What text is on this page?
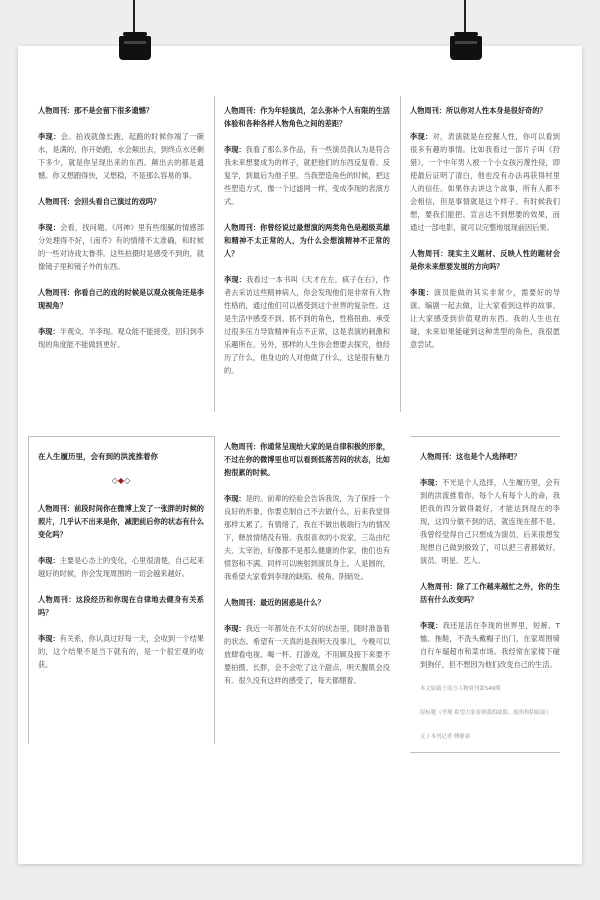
人物周刊：那不是会留下很多遗憾？

李现：会。拍戏就像长跑，起跑的时候你端了一碗水，是满的，你开始跑，水会颠出去，到终点水还剩下多少，就是你呈现出来的东西。颠出去的都是遗憾。你又想跑得快，又想稳，不是那么容易的事。

人物周刊：会回头看自己演过的戏吗？

李现：会看，找问题。《河神》里有些细腻的情感部分处理得不好，《南乔》有的情绪不太准确，和时候的一些对诗戏太鲁莽。这些拍摄时是感受不到的，就像镜子里和镜子外的东西。

人物周刊：你看自己的戏的时候是以观众视角还是李现视角？

李现：半观众、半李现。观众能不能接受，回归到李现的角度能不能做到更好。

人物周刊：作为年轻演员，怎么弥补个人有限的生活体验和各种各样人物角色之间的差距？

李现：我看了那么多作品，有一些演员我认为是符合我未来想要成为的样子，就把他们的东西反复看、反复学，到最后为他子里。当我塑造角色的时候，把这些塑造方式，像一个过滤网一样，变成李现的表演方式。

人物周刊：你曾经说过最想演的两类角色是超级英雄和精神不太正常的人，为什么会想演精神不正常的人？

李现：我看过一本书叫《天才在左，疯子在右》，作者去采访这些精神病人，你会发现他们是非常有人物性格的，通过他们可以感受到这个世界的复杂性。这是生活中感受不到、抓不到的角色，性格扭曲、承受过很多压力导致精神有点不正常，这是表演的刺激和乐趣所在。另外，那样的人生你会想要去探究，他经历了什么，他身边的人对他做了什么，这是很有魅力的。

人物周刊：所以你对人性本身是很好奇的？

李现：对，表演就是在挖掘人性，你可以看到很多有趣的事情。比如我看过一部片子叫《狩猎》，一个中年男人被一个小女孩污蔑性侵，即使最后证明了清白，他也没有办法再获得村里人的信任。如果你去讲这个故事，所有人都不会相信，但是事情就是这个样子。有时候我们想，要我们能把、宣言达不到想要的效果，而通过一部电影，就可以完整地展现前因后果。

人物周刊：现实主义题材、反映人性的题材会是你未来想要发展的方向吗？

李现：演员能做的其实非常少，需要好的导演、编剧一起去做，让大家看到这样的故事，让大家感受到价值观的东西。我的人生也在碰，未来如果能碰到这种类型的角色，我很愿意尝试。

在人生履历里，会有到的洪流推着你

◇◆◇

人物周刊：前段时间你在微博上发了一张胖的时候的照片，几乎认不出来是你，减肥前后你的状态有什么变化吗？

李现：主要是心态上的变化，心里很清楚，自己起来越好的时候，你会发现周围的一切会越来越好。

人物周刊：这段经历和你现在自律地去健身有关系吗？

李现：有关系，你认真过好每一天，会收到一个结果的，这个结果不是当下就有的，是一个很宏观的收获。

人物周刊：你通常呈现给大家的是自律积极的形象，不过在你的微博里也可以看到低落苦闷的状态，比如抱很累的时候。

李现：是的。前辈的经验会告诉我说，为了保持一个良好的形象，你要克制自己不去做什么，后来我觉得那样太累了。有情绪了，我在不做出极端行为的情况下，释放情绪没有错。我很喜欢的小说家，三岛由纪夫、太宰治，好像都不是那么健康的作家，他们也有愤怒和不满。同样可以映射到演员身上。人是圆的，我希望大家看到李现的缺陷、棱角、阴暗处。

人物周刊：最近的困惑是什么？

李现：我近一年都处在不太好的状态里，随时准备着的状态。希望有一天真的是我明天没事儿，今晚可以放肆看电视、喝一杯、打游戏，不用顾及接下来要不要拍摄、长胖，会不会吃了这个甜点，明天腹肌会没有。很久没有这样的感受了，每天都绷着。

人物周刊：这也是个人选择吧？

李现：不光是个人选择，人生履历里，会有到的洪流推着你。每个人有每个人的命，我把我的四分做得最好，才能达到现在的李现，这四分做不到的话，就连现在都不是。我曾经觉得自己只想成为演员，后来很想发现想自己做到极致了，可以把三者都做好，演员、明星、艺人。

人物周刊：除了工作越来越忙之外，你的生活有什么改变吗？

李现：我还是活在李现的世界里，短裤、T恤、拖鞋，不洗头戴帽子出门，在家周围骑自行车遛超市和菜市场。我经常在家楼下碰到狗仔，但不想因为他们改变自己的生活。

本文原载于南方人物周刊第549期

原标题《李现 希望大家看到我的缺陷、棱角和阴暗面》

文 / 本刊记者 傅静祁
